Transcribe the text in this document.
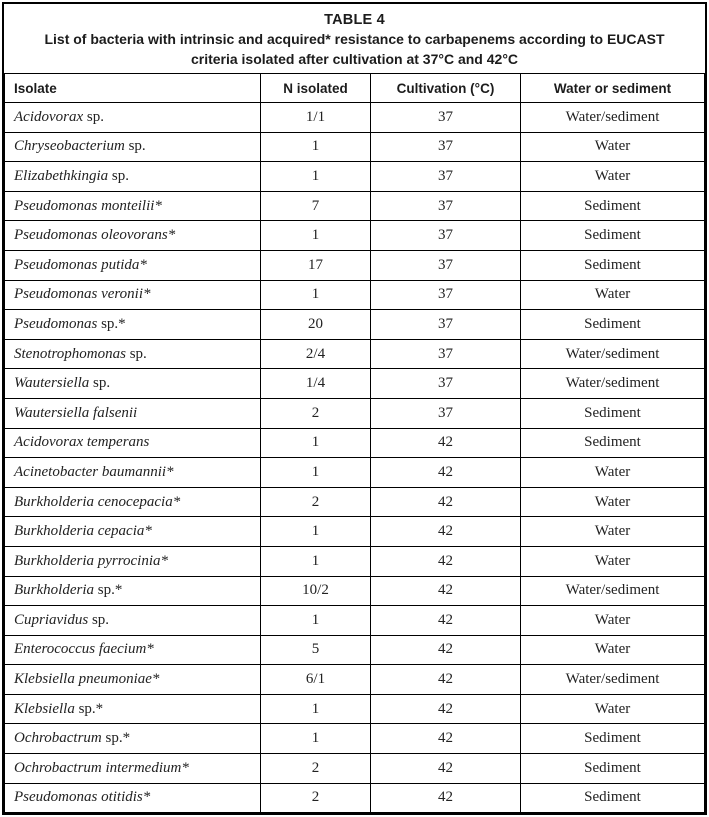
TABLE 4
List of bacteria with intrinsic and acquired* resistance to carbapenems according to EUCAST
criteria isolated after cultivation at 37°C and 42°C
Isolate	N isolated	Cultivation (°C)	Water or sediment
Acidovorax sp.	1/1	37	Water/sediment
Chryseobacterium sp.	1	37	Water
Elizabethkingia sp.	1	37	Water
Pseudomonas monteilii*	7	37	Sediment
Pseudomonas oleovorans*	1	37	Sediment
Pseudomonas putida*	17	37	Sediment
Pseudomonas veronii*	1	37	Water
Pseudomonas sp.*	20	37	Sediment
Stenotrophomonas sp.	2/4	37	Water/sediment
Wautersiella sp.	1/4	37	Water/sediment
Wautersiella falsenii	2	37	Sediment
Acidovorax temperans	1	42	Sediment
Acinetobacter baumannii*	1	42	Water
Burkholderia cenocepacia*	2	42	Water
Burkholderia cepacia*	1	42	Water
Burkholderia pyrrocinia*	1	42	Water
Burkholderia sp.*	10/2	42	Water/sediment
Cupriavidus sp.	1	42	Water
Enterococcus faecium*	5	42	Water
Klebsiella pneumoniae*	6/1	42	Water/sediment
Klebsiella sp.*	1	42	Water
Ochrobactrum sp.*	1	42	Sediment
Ochrobactrum intermedium*	2	42	Sediment
Pseudomonas otitidis*	2	42	Sediment
